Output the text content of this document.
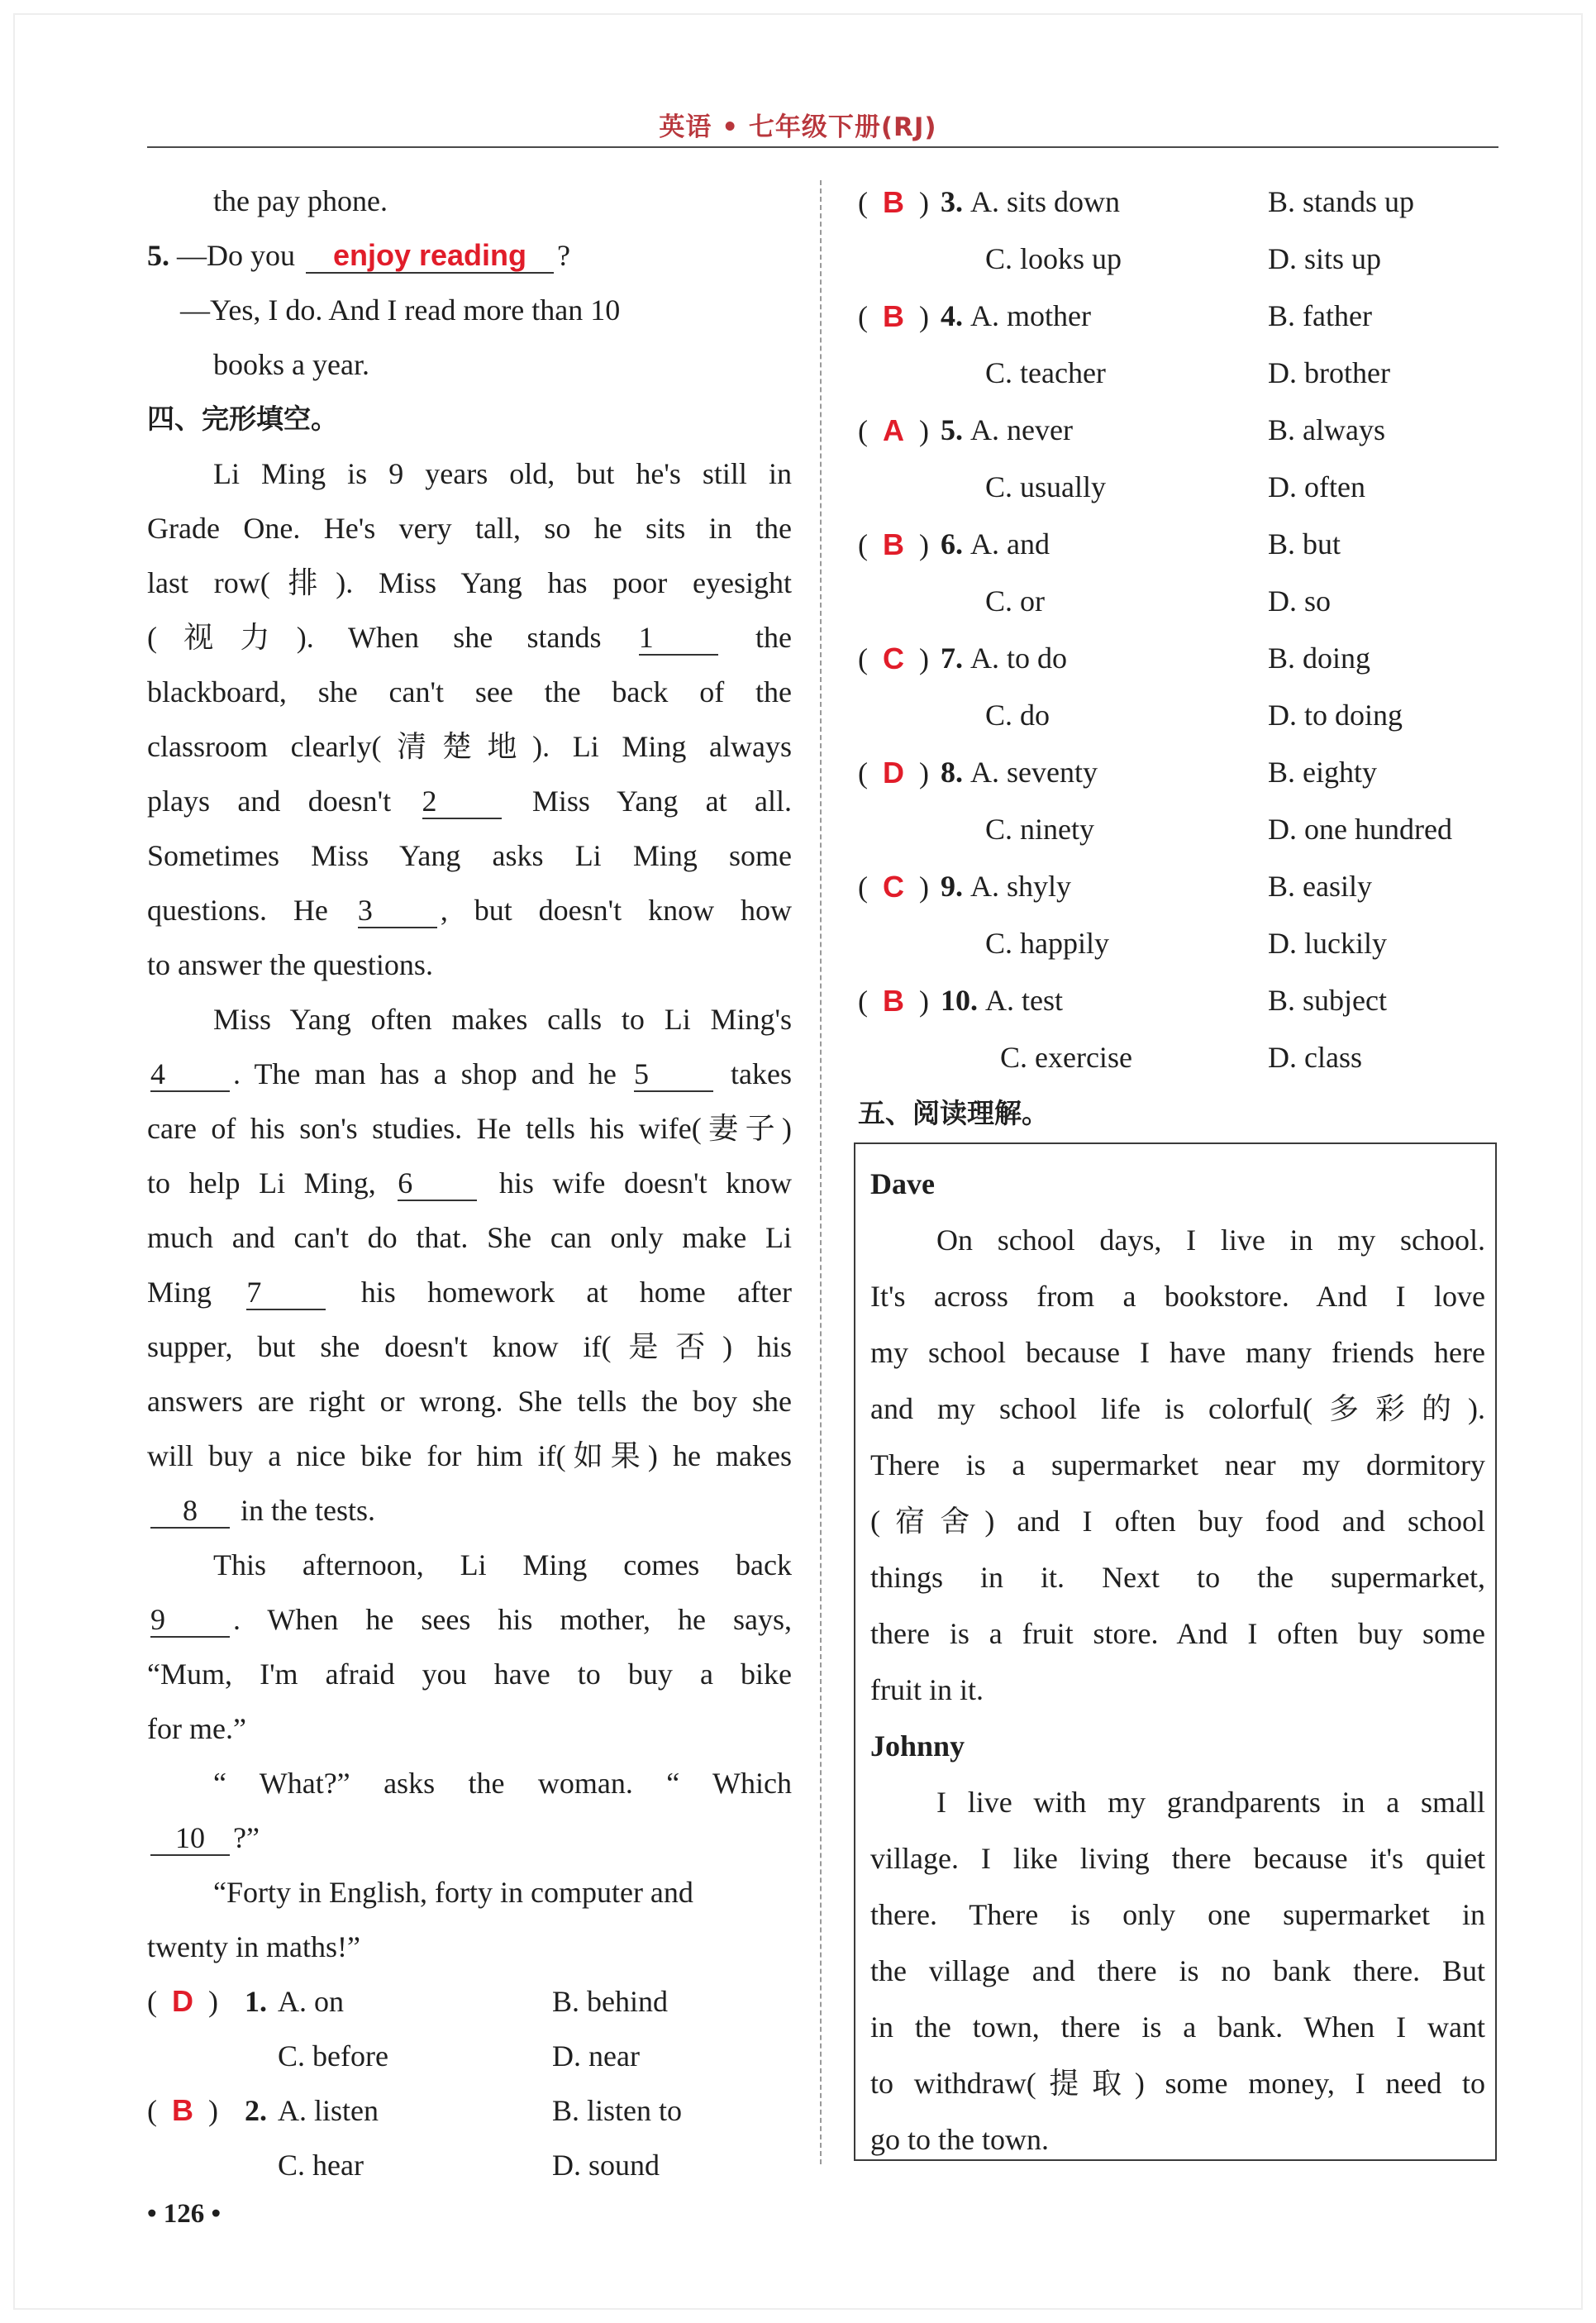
英语 • 七年级下册(RJ)

the pay phone.

5. —Do you enjoy reading ?

—Yes, I do. And I read more than 10

books a year.

四、完形填空。

Li Ming is 9 years old, but he's still in

Grade One. He's very tall, so he sits in the

last row(排). Miss Yang has poor eyesight

(视力). When she stands 1	the

blackboard, she can't see the back of the

classroom clearly(清楚地). Li Ming always

plays and doesn't 2	Miss Yang at all.

Sometimes Miss Yang asks Li Ming some

questions. He 3 , but doesn't know how

to answer the questions.

Miss Yang often makes calls to Li Ming's

4 . The man has a shop and he 5	takes

care of his son's studies. He tells his wife(妻子)

to help Li Ming, 6	his wife doesn't know

much and can't do that. She can only make Li

Ming 7	his homework at home after

supper, but she doesn't know if(是否) his

answers are right or wrong. She tells the boy she

will buy a nice bike for him if(如果) he makes

8 in the tests.

This afternoon, Li Ming comes back

9 . When he sees his mother, he says,

“Mum, I'm afraid you have to buy a bike

for me.”

“ What?” asks the woman. “ Which

10 ?”

“Forty in English, forty in computer and

twenty in maths!”

(  D  ) 1. A. on	B. behind
C. before	D. near
(  B  ) 2. A. listen	B. listen to
C. hear	D. sound
(  B  ) 3. A. sits down	B. stands up
C. looks up	D. sits up
(  B  ) 4. A. mother	B. father
C. teacher	D. brother
(  A  ) 5. A. never	B. always
C. usually	D. often
(  B  ) 6. A. and	B. but
C. or	D. so
(  C  ) 7. A. to do	B. doing
C. do	D. to doing
(  D  ) 8. A. seventy	B. eighty
C. ninety	D. one hundred
(  C  ) 9. A. shyly	B. easily
C. happily	D. luckily
(  B  ) 10. A. test	B. subject
C. exercise	D. class

五、阅读理解。

Dave

On school days, I live in my school.

It's across from a bookstore. And I love

my school because I have many friends here

and my school life is colorful(多彩的).

There is a supermarket near my dormitory

(宿舍) and I often buy food and school

things in it. Next to the supermarket,

there is a fruit store. And I often buy some

fruit in it.

Johnny

I live with my grandparents in a small

village. I like living there because it's quiet

there. There is only one supermarket in

the village and there is no bank there. But

in the town, there is a bank. When I want

to withdraw(提取) some money, I need to

go to the town.

• 126 •
